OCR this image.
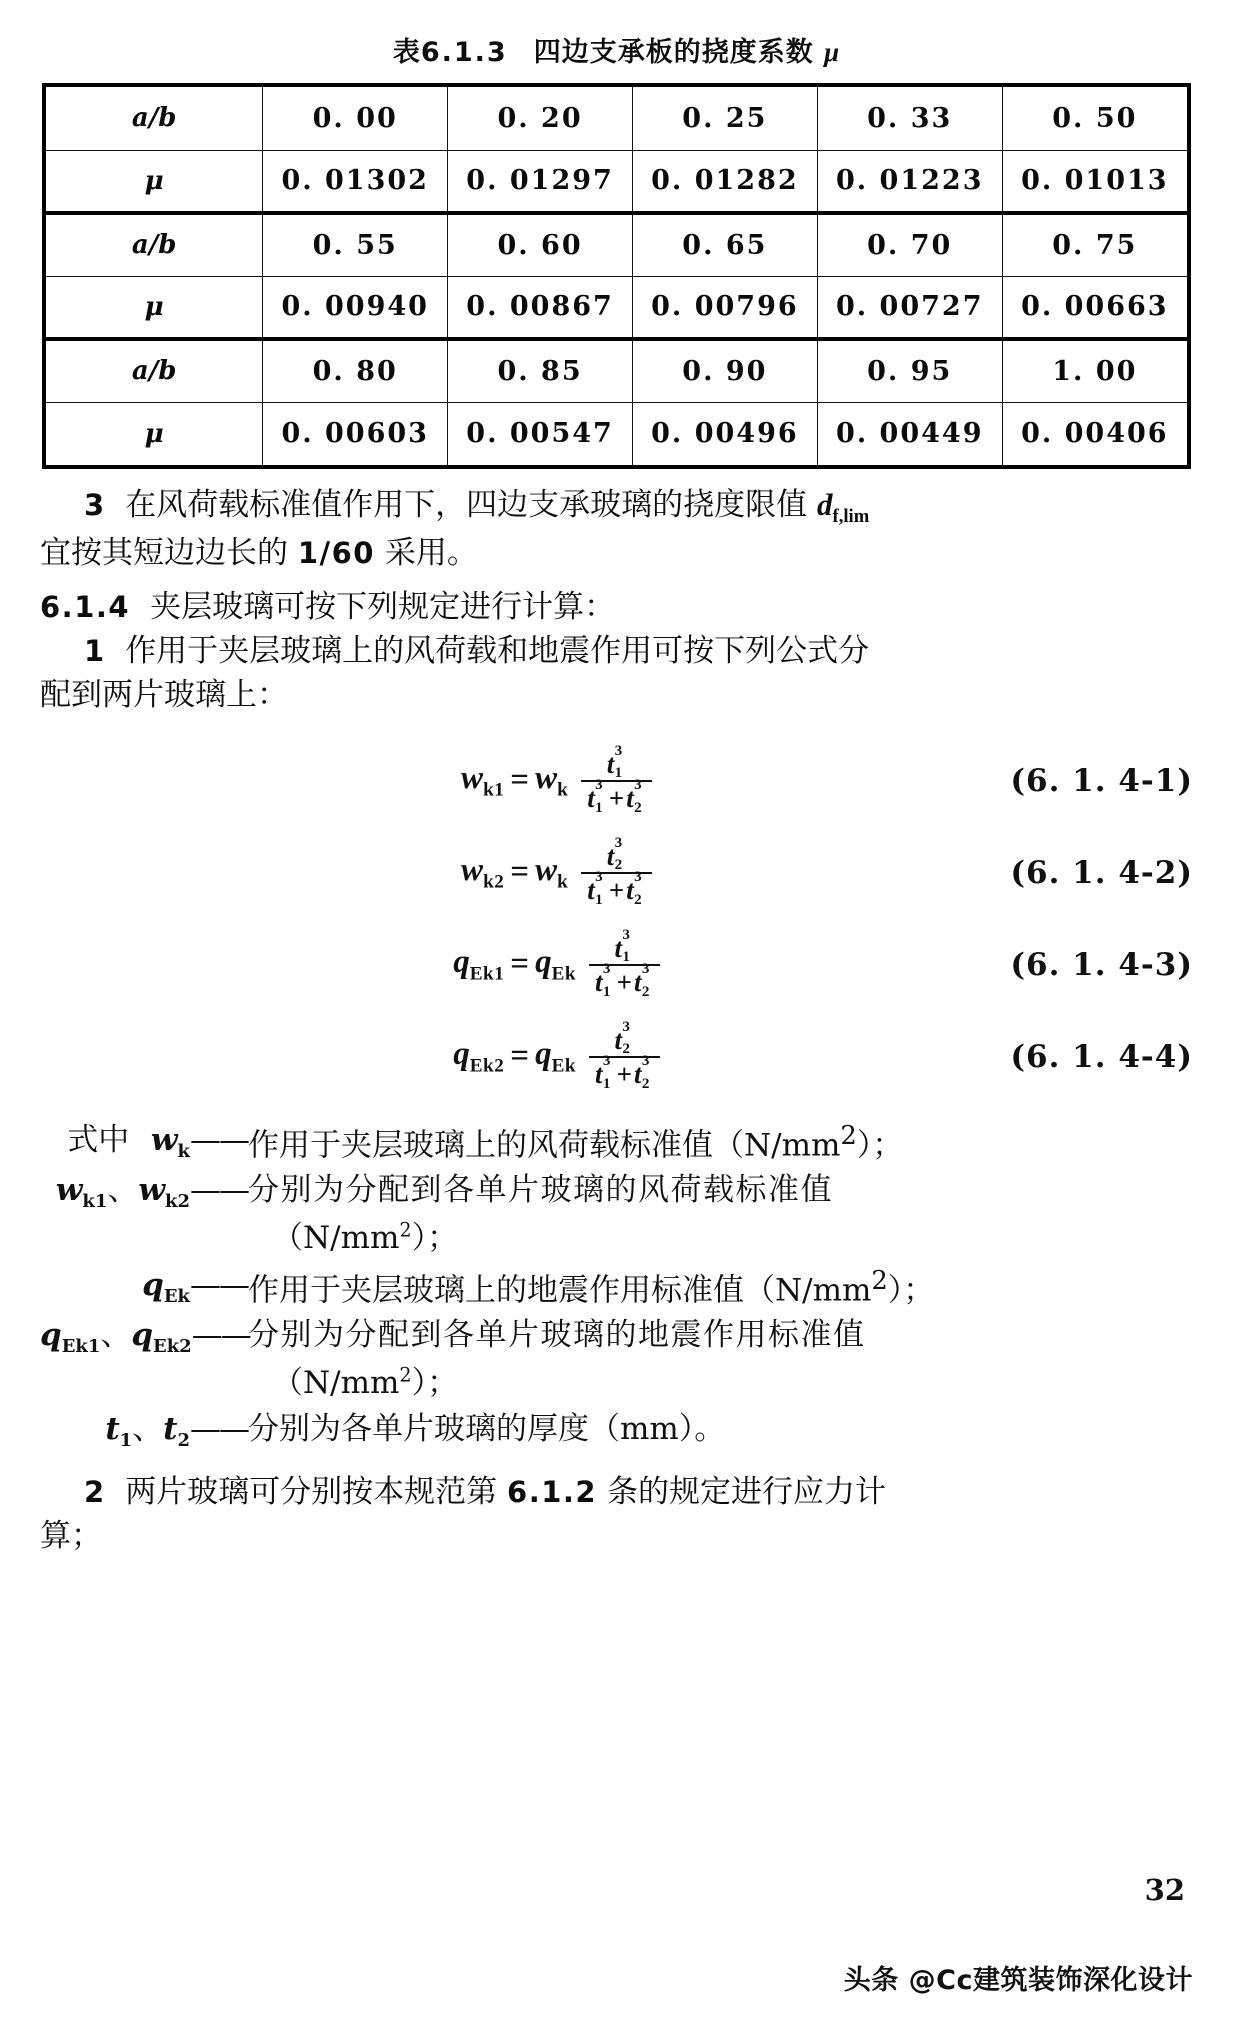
表6.1.3 四边支承板的挠度系数 μ
a/b	0. 00	0. 20	0. 25	0. 33	0. 50
μ	0. 01302	0. 01297	0. 01282	0. 01223	0. 01013
a/b	0. 55	0. 60	0. 65	0. 70	0. 75
μ	0. 00940	0. 00867	0. 00796	0. 00727	0. 00663
a/b	0. 80	0. 85	0. 90	0. 95	1. 00
μ	0. 00603	0. 00547	0. 00496	0. 00449	0. 00406

3 在风荷载标准值作用下，四边支承玻璃的挠度限值 $d_{f,lim}$

宜按其短边边长的 1/60 采用。

6.1.4 夹层玻璃可按下列规定进行计算：

1 作用于夹层玻璃上的风荷载和地震作用可按下列公式分

配到两片玻璃上：

$w_{k1} = w_k$ t 1
3
t 1
3 +t 2
3	(6. 1. 4-1)
$w_{k2} = w_k$ t 2
3
t 1
3 +t 2
3	(6. 1. 4-2)
$q_{Ek1} = q_{Ek}$ t 1
3
t 1
3 +t 2
3	(6. 1. 4-3)
$q_{Ek2} = q_{Ek}$ t 2
3
t 1
3 +t 2
3	(6. 1. 4-4)
式中 $w_k——$ 作用于夹层玻璃上的风荷载标准值$(N/mm^2)$；
$w_{k1}$、$w_{k2}——$ 分别为分配到各单片玻璃的风荷载标准值
$(N/mm^2)$；
$q_{Ek}——$ 作用于夹层玻璃上的地震作用标准值$(N/mm^2)$；
$q_{Ek1}$、$q_{Ek2}——$
分别为分配到各单片玻璃的地震作用标准值
$(N/mm^2)$；
$t_1$、$t_2——$ 分别为各单片玻璃的厚度（mm）。

2 两片玻璃可分别按本规范第 6.1.2 条的规定进行应力计

算；

32
头条 @Cc建筑装饰深化设计
